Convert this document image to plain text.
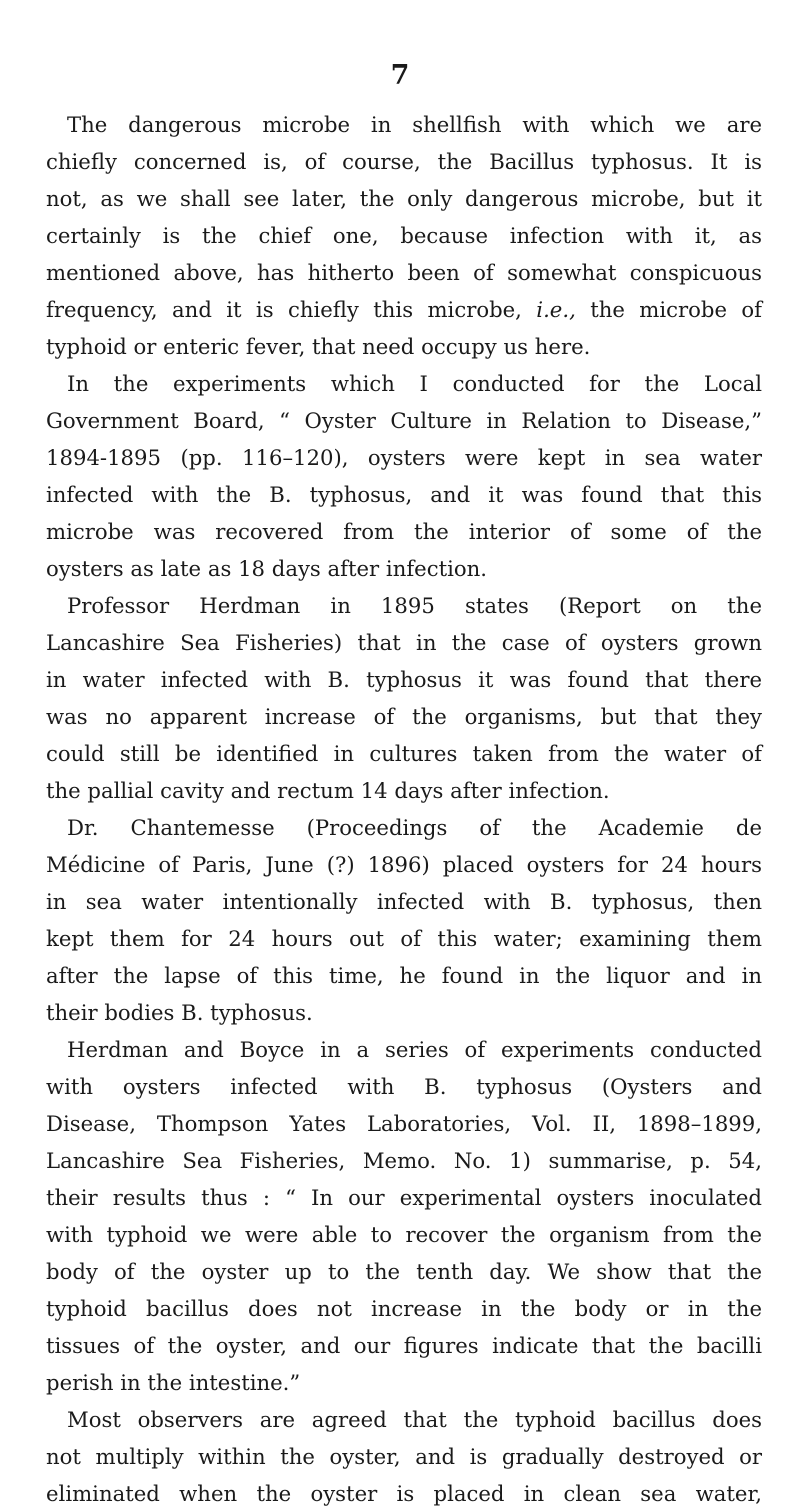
7
The dangerous microbe in shellfish with which we are
chiefly concerned is, of course, the Bacillus typhosus. It is
not, as we shall see later, the only dangerous microbe, but it
certainly is the chief one, because infection with it, as
mentioned above, has hitherto been of somewhat conspicuous
frequency, and it is chiefly this microbe, i.e., the microbe of
typhoid or enteric fever, that need occupy us here.
In the experiments which I conducted for the Local
Government Board, “ Oyster Culture in Relation to Disease,”
1894-1895 (pp. 116–120), oysters were kept in sea water
infected with the B. typhosus, and it was found that this
microbe was recovered from the interior of some of the
oysters as late as 18 days after infection.
Professor Herdman in 1895 states (Report on the
Lancashire Sea Fisheries) that in the case of oysters grown
in water infected with B. typhosus it was found that there
was no apparent increase of the organisms, but that they
could still be identified in cultures taken from the water of
the pallial cavity and rectum 14 days after infection.
Dr. Chantemesse (Proceedings of the Academie de
Médicine of Paris, June (?) 1896) placed oysters for 24 hours
in sea water intentionally infected with B. typhosus, then
kept them for 24 hours out of this water; examining them
after the lapse of this time, he found in the liquor and in
their bodies B. typhosus.
Herdman and Boyce in a series of experiments conducted
with oysters infected with B. typhosus (Oysters and
Disease, Thompson Yates Laboratories, Vol. II, 1898–1899,
Lancashire Sea Fisheries, Memo. No. 1) summarise, p. 54,
their results thus : “ In our experimental oysters inoculated
with typhoid we were able to recover the organism from the
body of the oyster up to the tenth day. We show that the
typhoid bacillus does not increase in the body or in the
tissues of the oyster, and our figures indicate that the bacilli
perish in the intestine.”
Most observers are agreed that the typhoid bacillus does
not multiply within the oyster, and is gradually destroyed or
eliminated when the oyster is placed in clean sea water,
